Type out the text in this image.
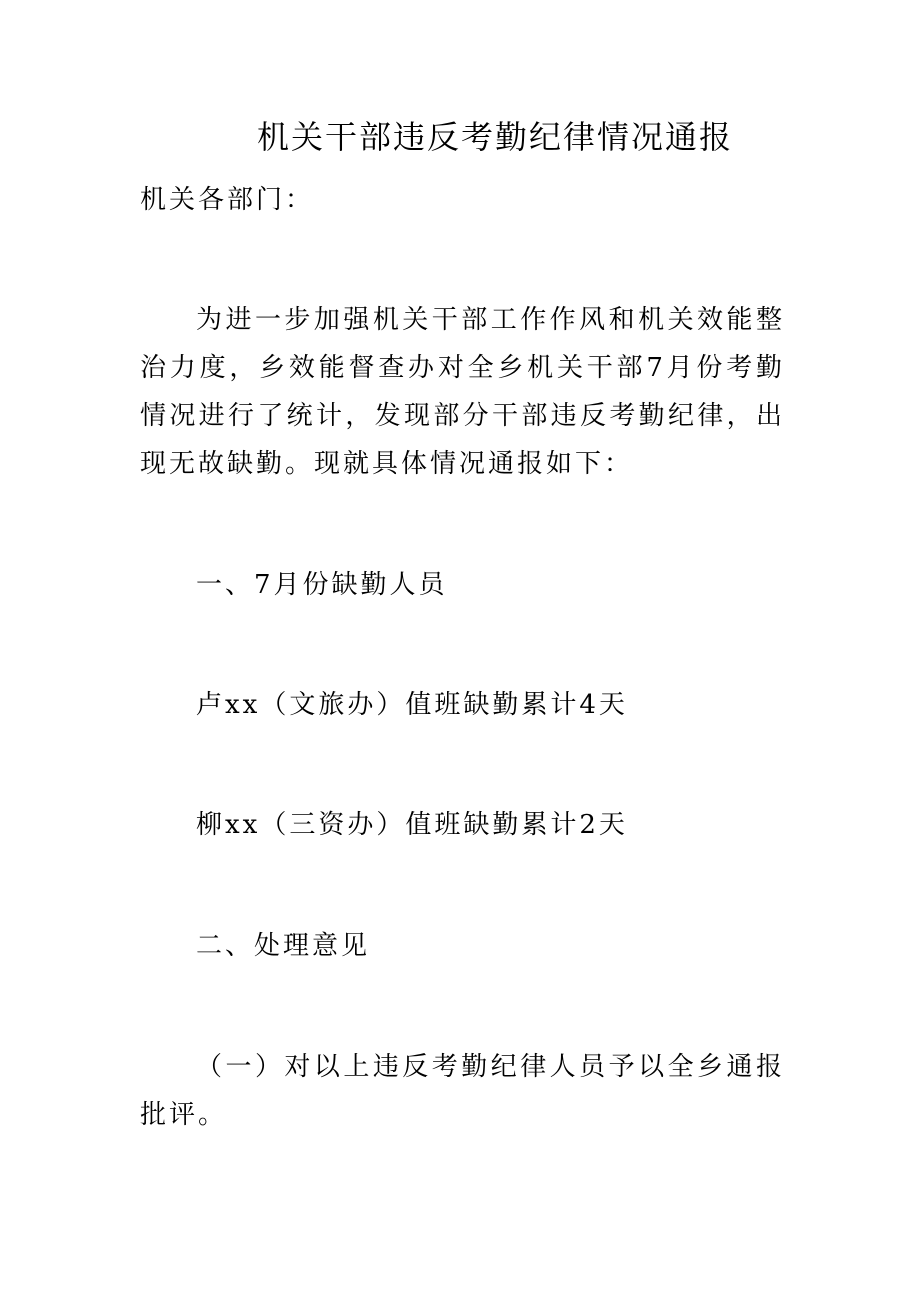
机关干部违反考勤纪律情况通报
机关各部门：
为进一步加强机关干部工作作风和机关效能整治力度，乡效能督查办对全乡机关干部7月份考勤情况进行了统计，发现部分干部违反考勤纪律，出现无故缺勤。现就具体情况通报如下：
一、7月份缺勤人员
卢xx（文旅办）值班缺勤累计4天
柳xx（三资办）值班缺勤累计2天
二、处理意见
（一）对以上违反考勤纪律人员予以全乡通报批评。
